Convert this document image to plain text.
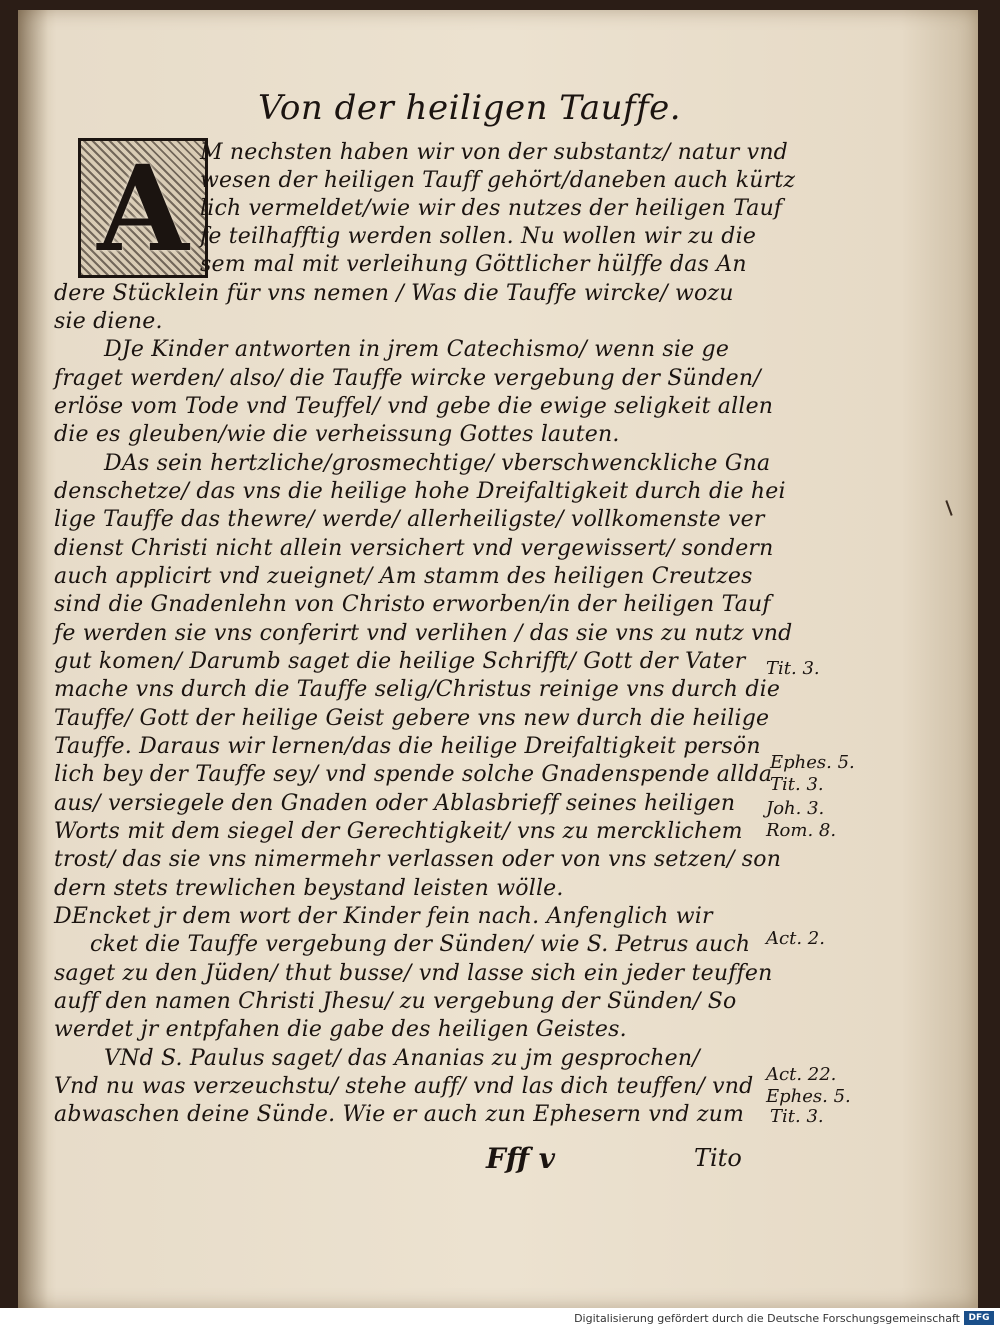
Von der heiligen Tauffe.
A M nechsten haben wir von der substantz/ natur vnd
wesen der heiligen Tauff gehört/daneben auch kürtz
lich vermeldet/wie wir des nutzes der heiligen Tauf
fe teilhafftig werden sollen. Nu wollen wir zu die
sem mal mit verleihung Göttlicher hülffe das An
dere Stücklein für vns nemen / Was die Tauffe wircke/ wozu
sie diene.
DJe Kinder antworten in jrem Catechismo/ wenn sie ge
fraget werden/ also/ die Tauffe wircke vergebung der Sünden/
erlöse vom Tode vnd Teuffel/ vnd gebe die ewige seligkeit allen
die es gleuben/wie die verheissung Gottes lauten.
DAs sein hertzliche/grosmechtige/ vberschwenckliche Gna
denschetze/ das vns die heilige hohe Dreifaltigkeit durch die hei
lige Tauffe das thewre/ werde/ allerheiligste/ vollkomenste ver
dienst Christi nicht allein versichert vnd vergewissert/ sondern
auch applicirt vnd zueignet/ Am stamm des heiligen Creutzes
sind die Gnadenlehn von Christo erworben/in der heiligen Tauf
fe werden sie vns conferirt vnd verlihen / das sie vns zu nutz vnd
gut komen/ Darumb saget die heilige Schrifft/ Gott der Vater
mache vns durch die Tauffe selig/Christus reinige vns durch die
Tauffe/ Gott der heilige Geist gebere vns new durch die heilige
Tauffe. Daraus wir lernen/das die heilige Dreifaltigkeit persön
lich bey der Tauffe sey/ vnd spende solche Gnadenspende allda
aus/ versiegele den Gnaden oder Ablasbrieff seines heiligen
Worts mit dem siegel der Gerechtigkeit/ vns zu mercklichem
trost/ das sie vns nimermehr verlassen oder von vns setzen/ son
dern stets trewlichen beystand leisten wölle.
DEncket jr dem wort der Kinder fein nach. Anfenglich wir
cket die Tauffe vergebung der Sünden/ wie S. Petrus auch
saget zu den Jüden/ thut busse/ vnd lasse sich ein jeder teuffen
auff den namen Christi Jhesu/ zu vergebung der Sünden/ So
werdet jr entpfahen die gabe des heiligen Geistes.
VNd S. Paulus saget/ das Ananias zu jm gesprochen/
Vnd nu was verzeuchstu/ stehe auff/ vnd las dich teuffen/ vnd
abwaschen deine Sünde. Wie er auch zun Ephesern vnd zum
Tit. 3.
Ephes. 5.
Tit. 3.
Joh. 3.
Rom. 8.
Act. 2.
Act. 22.
Ephes. 5.
Tit. 3.
Fff v	Tito
Digitalisierung gefördert durch die Deutsche Forschungsgemeinschaft DFG
